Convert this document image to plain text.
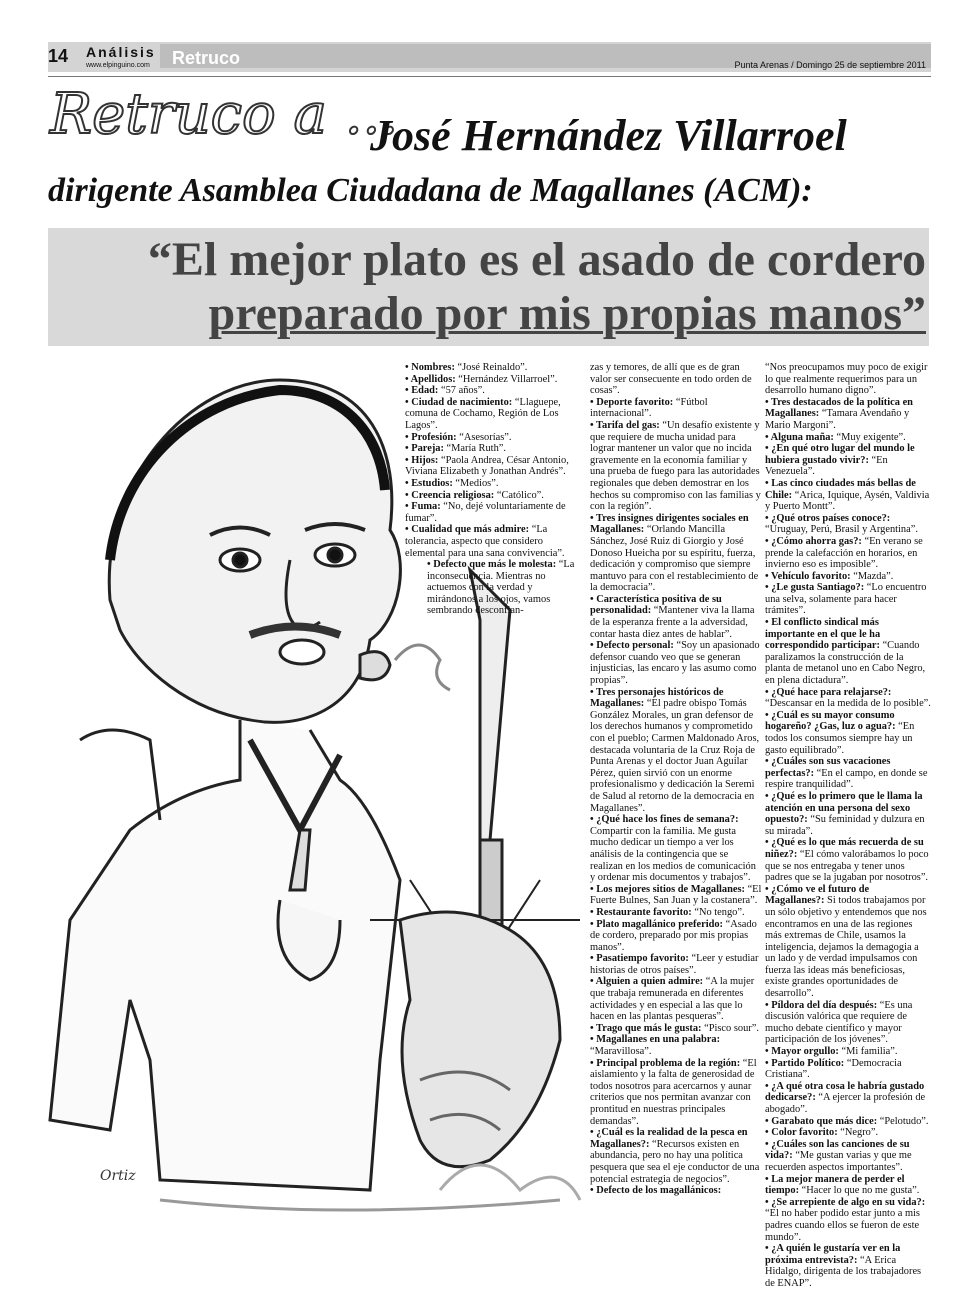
14 Análisis
www.elpinguino.com Retruco	Punta Arenas / Domingo 25 de septiembre 2011
Retruco a ...
José Hernández Villarroel
dirigente Asamblea Ciudadana de Magallanes (ACM):
“El mejor plato es el asado de cordero
preparado por mis propias manos”
Ortiz

• Nombres: “José Reinaldo”.

• Apellidos: “Hernández Villarroel”.

• Edad: “57 años”.

• Ciudad de nacimiento: “Llaguepe, comuna de Cochamo, Región de Los Lagos”.

• Profesión: “Asesorías”.

• Pareja: “María Ruth”.

• Hijos: “Paola Andrea, César Antonio, Viviana Elizabeth y Jonathan Andrés”.

• Estudios: “Medios”.

• Creencia religiosa: “Católico”.

• Fuma: “No, dejé voluntariamente de fumar”.

• Cualidad que más admire: “La tolerancia, aspecto que considero elemental para una sana convivencia”.

• Defecto que más le molesta: “La inconsecuencia. Mientras no actuemos con la verdad y mirándonos a los ojos, vamos sembrando desconfian-

zas y temores, de allí que es de gran valor ser consecuente en todo orden de cosas”.

• Deporte favorito: “Fútbol internacional”.

• Tarifa del gas: “Un desafío existente y que requiere de mucha unidad para lograr mantener un valor que no incida gravemente en la economía familiar y una prueba de fuego para las autoridades regionales que deben demostrar en los hechos su compromiso con las familias y con la región”.

• Tres insignes dirigentes sociales en Magallanes: “Orlando Mancilla Sánchez, José Ruiz di Giorgio y José Donoso Hueicha por su espíritu, fuerza, dedicación y compromiso que siempre mantuvo para con el restablecimiento de la democracia”.

• Característica positiva de su personalidad: “Mantener viva la llama de la esperanza frente a la adversidad, contar hasta diez antes de hablar”.

• Defecto personal: “Soy un apasionado defensor cuando veo que se generan injusticias, las encaro y las asumo como propias”.

• Tres personajes históricos de Magallanes: “El padre obispo Tomás González Morales, un gran defensor de los derechos humanos y comprometido con el pueblo; Carmen Maldonado Aros, destacada voluntaria de la Cruz Roja de Punta Arenas y el doctor Juan Aguilar Pérez, quien sirvió con un enorme profesionalismo y dedicación la Seremi de Salud al retorno de la democracia en Magallanes”.

• ¿Qué hace los fines de semana?: Compartir con la familia. Me gusta mucho dedicar un tiempo a ver los análisis de la contingencia que se realizan en los medios de comunicación y ordenar mis documentos y trabajos”.

• Los mejores sitios de Magallanes: “El Fuerte Bulnes, San Juan y la costanera”.

• Restaurante favorito: “No tengo”.

• Plato magallánico preferido: “Asado de cordero, preparado por mis propias manos”.

• Pasatiempo favorito: “Leer y estudiar historias de otros países”.

• Alguien a quien admire: “A la mujer que trabaja remunerada en diferentes actividades y en especial a las que lo hacen en las plantas pesqueras”.

• Trago que más le gusta: “Pisco sour”.

• Magallanes en una palabra: “Maravillosa”.

• Principal problema de la región: “El aislamiento y la falta de generosidad de todos nosotros para acercarnos y aunar criterios que nos permitan avanzar con prontitud en nuestras principales demandas”.

• ¿Cuál es la realidad de la pesca en Magallanes?: “Recursos existen en abundancia, pero no hay una política pesquera que sea el eje conductor de una potencial estrategia de negocios”.

• Defecto de los magallánicos:

“Nos preocupamos muy poco de exigir lo que realmente requerimos para un desarrollo humano digno”.

• Tres destacados de la política en Magallanes: “Tamara Avendaño y Mario Margoni”.

• Alguna maña: “Muy exigente”.

• ¿En qué otro lugar del mundo le hubiera gustado vivir?: “En Venezuela”.

• Las cinco ciudades más bellas de Chile: “Arica, Iquique, Aysén, Valdivia y Puerto Montt”.

• ¿Qué otros países conoce?: “Uruguay, Perú, Brasil y Argentina”.

• ¿Cómo ahorra gas?: “En verano se prende la calefacción en horarios, en invierno eso es imposible”.

• Vehículo favorito: “Mazda”.

• ¿Le gusta Santiago?: “Lo encuentro una selva, solamente para hacer trámites”.

• El conflicto sindical más importante en el que le ha correspondido participar: “Cuando paralizamos la construcción de la planta de metanol uno en Cabo Negro, en plena dictadura”.

• ¿Qué hace para relajarse?: “Descansar en la medida de lo posible”.

• ¿Cuál es su mayor consumo hogareño? ¿Gas, luz o agua?: “En todos los consumos siempre hay un gasto equilibrado”.

• ¿Cuáles son sus vacaciones perfectas?: “En el campo, en donde se respire tranquilidad”.

• ¿Qué es lo primero que le llama la atención en una persona del sexo opuesto?: “Su feminidad y dulzura en su mirada”.

• ¿Qué es lo que más recuerda de su niñez?: “El cómo valorábamos lo poco que se nos entregaba y tener unos padres que se la jugaban por nosotros”.

• ¿Cómo ve el futuro de Magallanes?: Si todos trabajamos por un sólo objetivo y entendemos que nos encontramos en una de las regiones más extremas de Chile, usamos la inteligencia, dejamos la demagogia a un lado y de verdad impulsamos con fuerza las ideas más beneficiosas, existe grandes oportunidades de desarrollo”.

• Píldora del día después: “Es una discusión valórica que requiere de mucho debate científico y mayor participación de los jóvenes”.

• Mayor orgullo: “Mi familia”.

• Partido Político: “Democracia Cristiana”.

• ¿A qué otra cosa le habría gustado dedicarse?: “A ejercer la profesión de abogado”.

• Garabato que más dice: “Pelotudo”.

• Color favorito: “Negro”.

• ¿Cuáles son las canciones de su vida?: “Me gustan varias y que me recuerden aspectos importantes”.

• La mejor manera de perder el tiempo: “Hacer lo que no me gusta”.

• ¿Se arrepiente de algo en su vida?: “El no haber podido estar junto a mis padres cuando ellos se fueron de este mundo”.

• ¿A quién le gustaría ver en la próxima entrevista?: “A Erica Hidalgo, dirigenta de los trabajadores de ENAP”.
